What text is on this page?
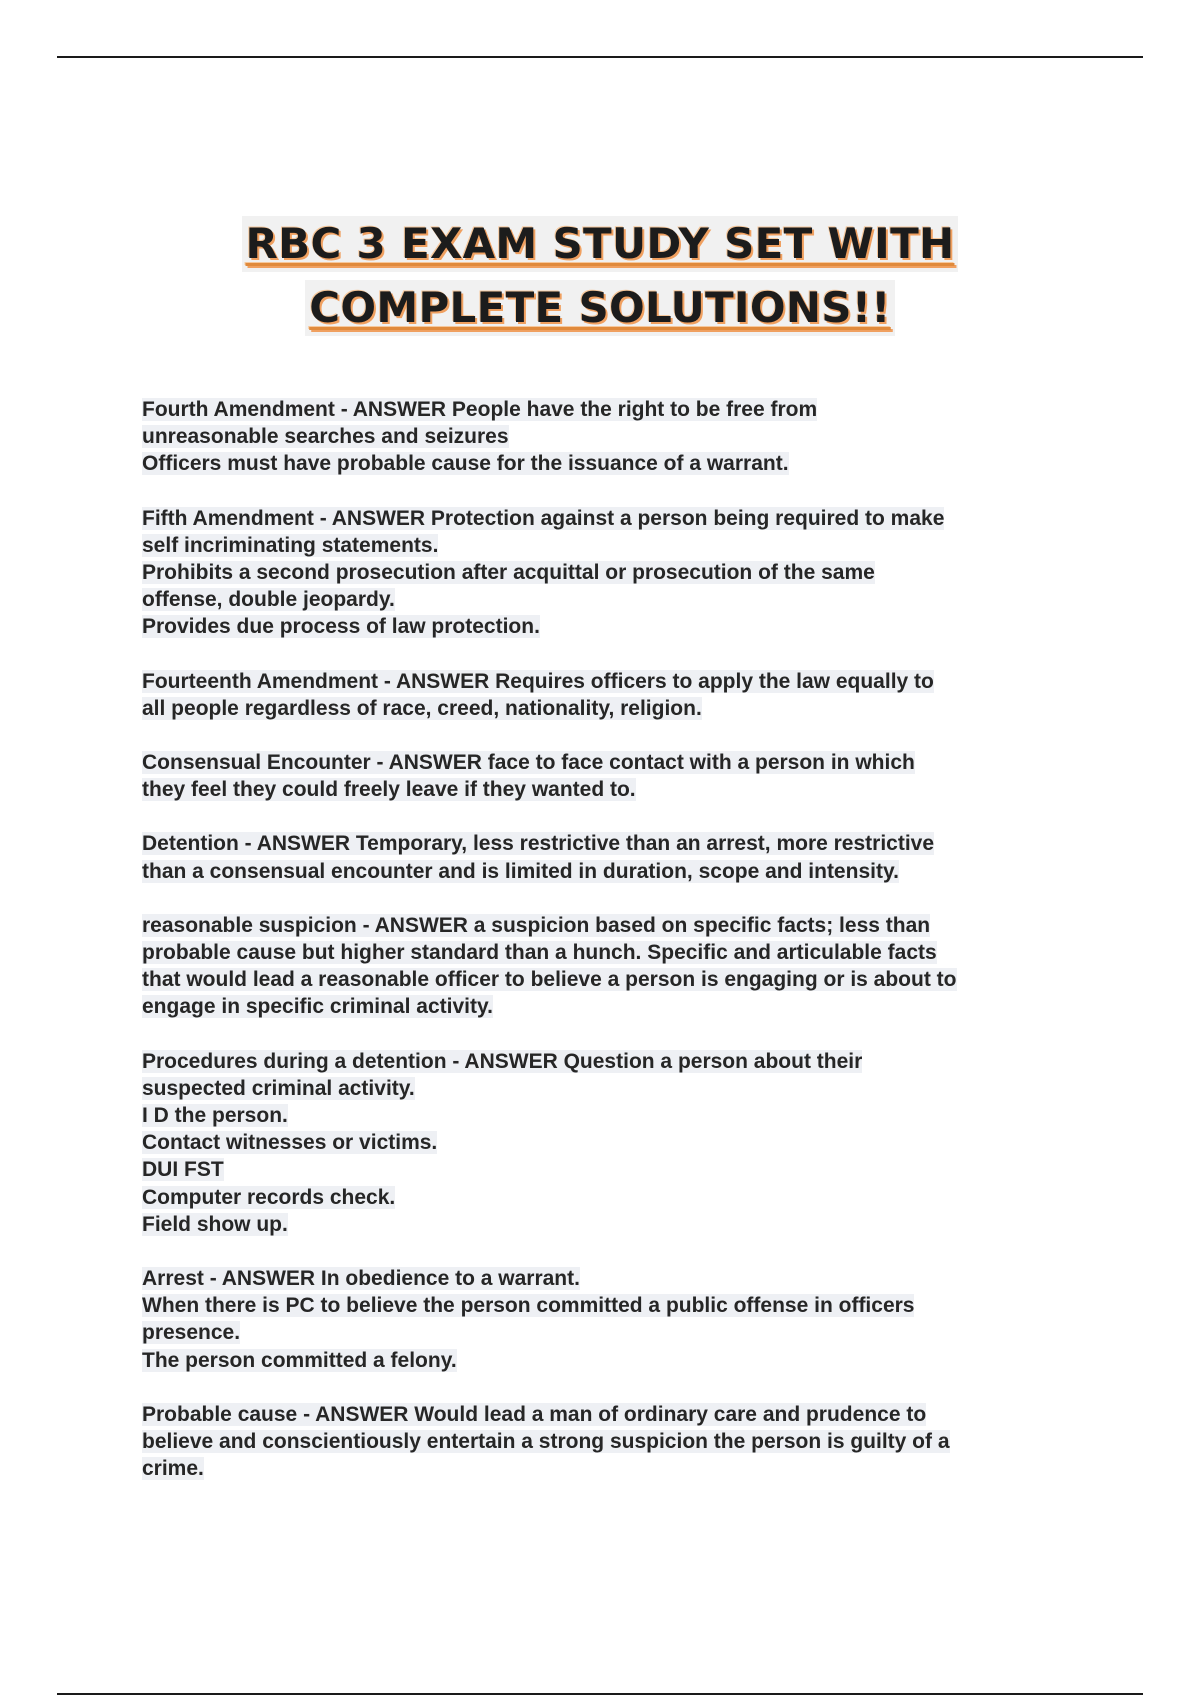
RBC 3 EXAM STUDY SET WITH
COMPLETE SOLUTIONS!!
Fourth Amendment - ANSWER People have the right to be free from
unreasonable searches and seizures
Officers must have probable cause for the issuance of a warrant.
Fifth Amendment - ANSWER Protection against a person being required to make
self incriminating statements.
Prohibits a second prosecution after acquittal or prosecution of the same
offense, double jeopardy.
Provides due process of law protection.
Fourteenth Amendment - ANSWER Requires officers to apply the law equally to
all people regardless of race, creed, nationality, religion.
Consensual Encounter - ANSWER face to face contact with a person in which
they feel they could freely leave if they wanted to.
Detention - ANSWER Temporary, less restrictive than an arrest, more restrictive
than a consensual encounter and is limited in duration, scope and intensity.
reasonable suspicion - ANSWER a suspicion based on specific facts; less than
probable cause but higher standard than a hunch. Specific and articulable facts
that would lead a reasonable officer to believe a person is engaging or is about to
engage in specific criminal activity.
Procedures during a detention - ANSWER Question a person about their
suspected criminal activity.
I D the person.
Contact witnesses or victims.
DUI FST
Computer records check.
Field show up.
Arrest - ANSWER In obedience to a warrant.
When there is PC to believe the person committed a public offense in officers
presence.
The person committed a felony.
Probable cause - ANSWER Would lead a man of ordinary care and prudence to
believe and conscientiously entertain a strong suspicion the person is guilty of a
crime.
